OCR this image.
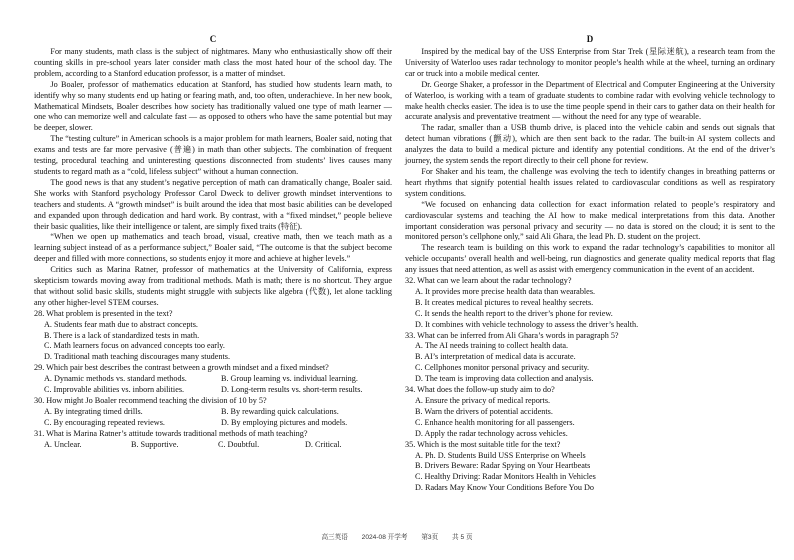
C

For many students, math class is the subject of nightmares. Many who enthusiastically show off their counting skills in pre-school years later consider math class the most hated hour of the school day. The problem, according to a Stanford education professor, is a matter of mindset.

Jo Boaler, professor of mathematics education at Stanford, has studied how students learn math, to identify why so many students end up hating or fearing math, and, too often, underachieve. In her new book, Mathematical Mindsets, Boaler describes how society has traditionally valued one type of math learner — one who can memorize well and calculate fast — as opposed to others who have the same potential but may be deeper, slower.

The “testing culture” in American schools is a major problem for math learners, Boaler said, noting that exams and tests are far more pervasive (普遍) in math than other subjects. The combination of frequent testing, procedural teaching and uninteresting questions disconnected from students’ lives causes many students to regard math as a “cold, lifeless subject” without a human connection.

The good news is that any student’s negative perception of math can dramatically change, Boaler said. She works with Stanford psychology Professor Carol Dweck to deliver growth mindset interventions to teachers and students. A “growth mindset” is built around the idea that most basic abilities can be developed and expanded upon through dedication and hard work. By contrast, with a “fixed mindset,” people believe their basic qualities, like their intelligence or talent, are simply fixed traits (特征).

“When we open up mathematics and teach broad, visual, creative math, then we teach math as a learning subject instead of as a performance subject,” Boaler said, “The outcome is that the subject become deeper and filled with more connections, so students enjoy it more and achieve at higher levels.”

Critics such as Marina Ratner, professor of mathematics at the University of California, express skepticism towards moving away from traditional methods. Math is math; there is no shortcut. They argue that without solid basic skills, students might struggle with subjects like algebra (代数), let alone tackling any other higher-level STEM courses.

28. What problem is presented in the text?
A. Students fear math due to abstract concepts.
B. There is a lack of standardized tests in math.
C. Math learners focus on advanced concepts too early.
D. Traditional math teaching discourages many students.
29. Which pair best describes the contrast between a growth mindset and a fixed mindset?
A. Dynamic methods vs. standard methods.	B. Group learning vs. individual learning.
C. Improvable abilities vs. inborn abilities.	D. Long-term results vs. short-term results.
30. How might Jo Boaler recommend teaching the division of 10 by 5?
A. By integrating timed drills.	B. By rewarding quick calculations.
C. By encouraging repeated reviews.	D. By employing pictures and models.
31. What is Marina Ratner’s attitude towards traditional methods of math teaching?
A. Unclear.	B. Supportive.	C. Doubtful.	D. Critical.
D

Inspired by the medical bay of the USS Enterprise from Star Trek (星际迷航), a research team from the University of Waterloo uses radar technology to monitor people’s health while at the wheel, turning an ordinary car or truck into a mobile medical center.

Dr. George Shaker, a professor in the Department of Electrical and Computer Engineering at the University of Waterloo, is working with a team of graduate students to combine radar with evolving vehicle technology to make health checks easier. The idea is to use the time people spend in their cars to gather data on their health for accurate analysis and preventative treatment — without the need for any type of wearable.

The radar, smaller than a USB thumb drive, is placed into the vehicle cabin and sends out signals that detect human vibrations (颤动), which are then sent back to the radar. The built-in AI system collects and analyzes the data to build a medical picture and identify any potential conditions. At the end of the driver’s journey, the system sends the report directly to their cell phone for review.

For Shaker and his team, the challenge was evolving the tech to identify changes in breathing patterns or heart rhythms that signify potential health issues related to cardiovascular conditions as well as respiratory system conditions.

“We focused on enhancing data collection for exact information related to people’s respiratory and cardiovascular systems and teaching the AI how to make medical interpretations from this data. Another important consideration was personal privacy and security — no data is stored on the cloud; it is sent to the monitored person’s cellphone only,” said Ali Ghara, the lead Ph. D. student on the project.

The research team is building on this work to expand the radar technology’s capabilities to monitor all vehicle occupants’ overall health and well-being, run diagnostics and generate quality medical reports that flag any issues that need attention, as well as assist with emergency communication in the event of an accident.

32. What can we learn about the radar technology?
A. It provides more precise health data than wearables.
B. It creates medical pictures to reveal healthy secrets.
C. It sends the health report to the driver’s phone for review.
D. It combines with vehicle technology to assess the driver’s health.
33. What can be inferred from Ali Ghara’s words in paragraph 5?
A. The AI needs training to collect health data.
B. AI’s interpretation of medical data is accurate.
C. Cellphones monitor personal privacy and security.
D. The team is improving data collection and analysis.
34. What does the follow-up study aim to do?
A. Ensure the privacy of medical reports.
B. Warn the drivers of potential accidents.
C. Enhance health monitoring for all passengers.
D. Apply the radar technology across vehicles.
35. Which is the most suitable title for the text?
A. Ph. D. Students Build USS Enterprise on Wheels
B. Drivers Beware: Radar Spying on Your Heartbeats
C. Healthy Driving: Radar Monitors Health in Vehicles
D. Radars May Know Your Conditions Before You Do
高三英语 2024-08 开学考 第3页 共 5 页
